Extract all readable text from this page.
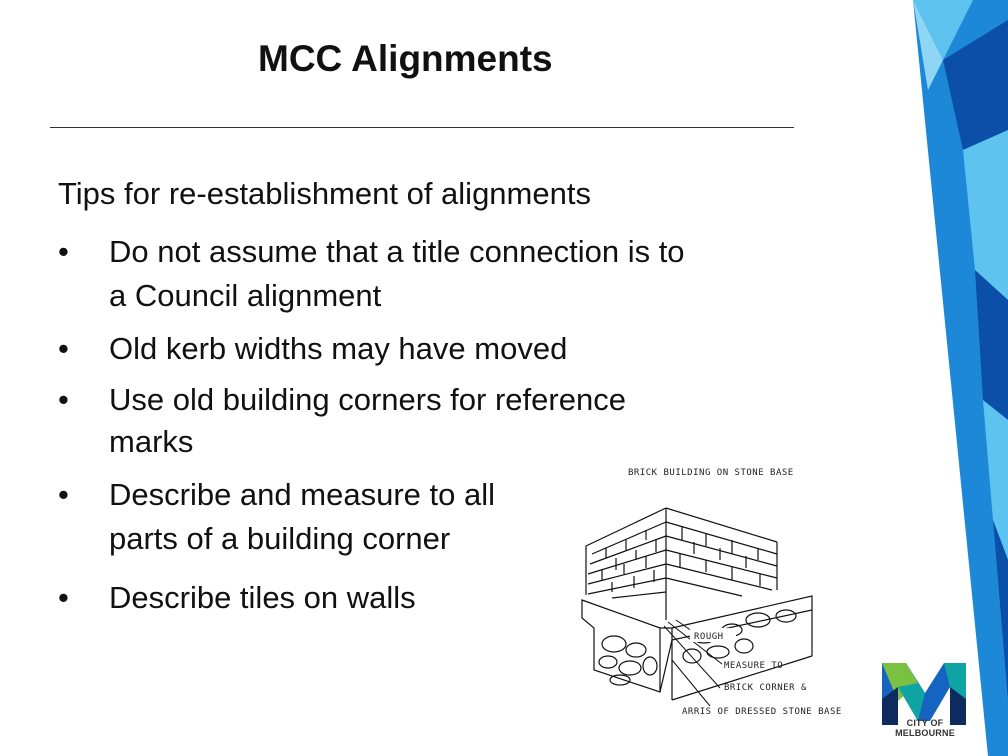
MCC Alignments
Tips for re-establishment of alignments
•	Do not assume that a title connection is to
a Council alignment
•	Old kerb widths may have moved
•	Use old building corners for reference
marks
•	Describe and measure to all
parts of a building corner
•	Describe tiles on walls
BRICK BUILDING ON STONE BASE
ROUGH
MEASURE TO
BRICK CORNER &
ARRIS OF DRESSED STONE BASE
CITY OF MELBOURNE
